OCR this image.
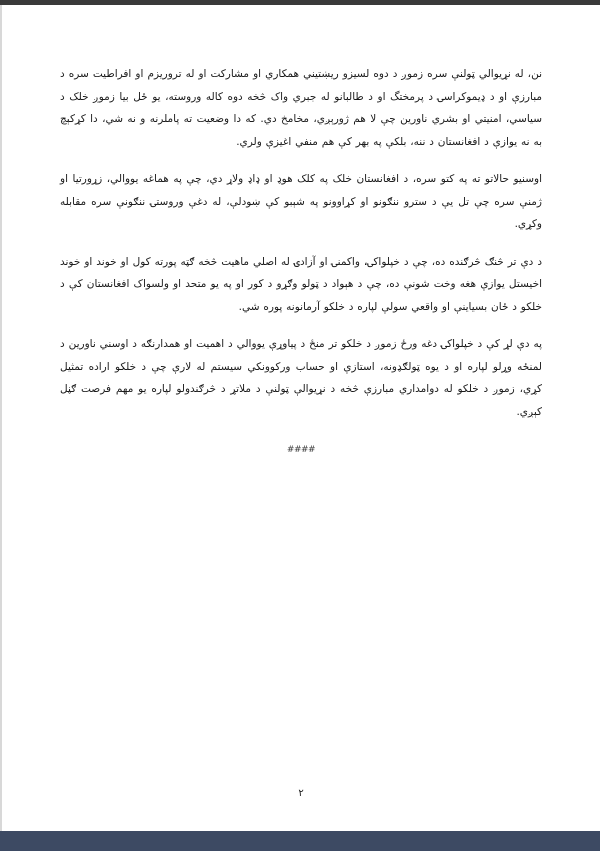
نن، له نړیوالي ټولنې سره زموږ د دوه لسیزو ریښتیني همکاري او مشارکت او له تروریزم او افراطیت سره د مبارزې او د ډیموکراسۍ د پرمختگ او د طالبانو له جبري واک څخه دوه کاله وروسته، یو ځل بیا زموږ خلک د سیاسي، امنیتي او بشري ناورین چې لا هم ژورېږي، مخامخ دي. که دا وضعیت ته پاملرنه و نه شي، دا کړکېچ به نه یوازې د افغانستان د ننه، بلکې په بهر کې هم منفي اغیزې ولري.

اوسنیو حالاتو ته په کتو سره، د افغانستان خلک په کلک هوډ او ډاډ ولاړ دي، چې په هماغه یووالي، زړورتیا او ژمنې سره چې تل یې د سترو ننګونو او کړاوونو په شېبو کې ښودلې، له دغې وروستۍ ننګونې سره مقابله وکړي.

د دې تر څنګ څرګنده ده، چې د خپلواکۍ، واکمنۍ او آزادۍ له اصلي ماهیت څخه ګټه پورته کول او خوند او خوند اخیستل یوازې هغه وخت شونې ده، چې د هېواد د ټولو وګړو د کور او په یو متحد او ولسواک افغانستان کې د خلکو د ځان بسیاینې او واقعي سولې لپاره د خلکو آرمانونه پوره شي.

په دې لړ کې د خپلواکۍ دغه ورځ زموږ د خلکو تر منځ د پیاوړې یووالي د اهمیت او همدارنګه د اوسني ناورین د لمنځه وړلو لپاره او د یوه ټولګډونه، استازې او حساب ورکوونکي سیستم له لارې چې د خلکو اراده تمثیل کړي، زموږ د خلکو له دوامداري مبارزې څخه د نړیوالې ټولنې د ملاتړ د څرګندولو لپاره یو مهم فرصت ګڼل کېږي.

####
۲
